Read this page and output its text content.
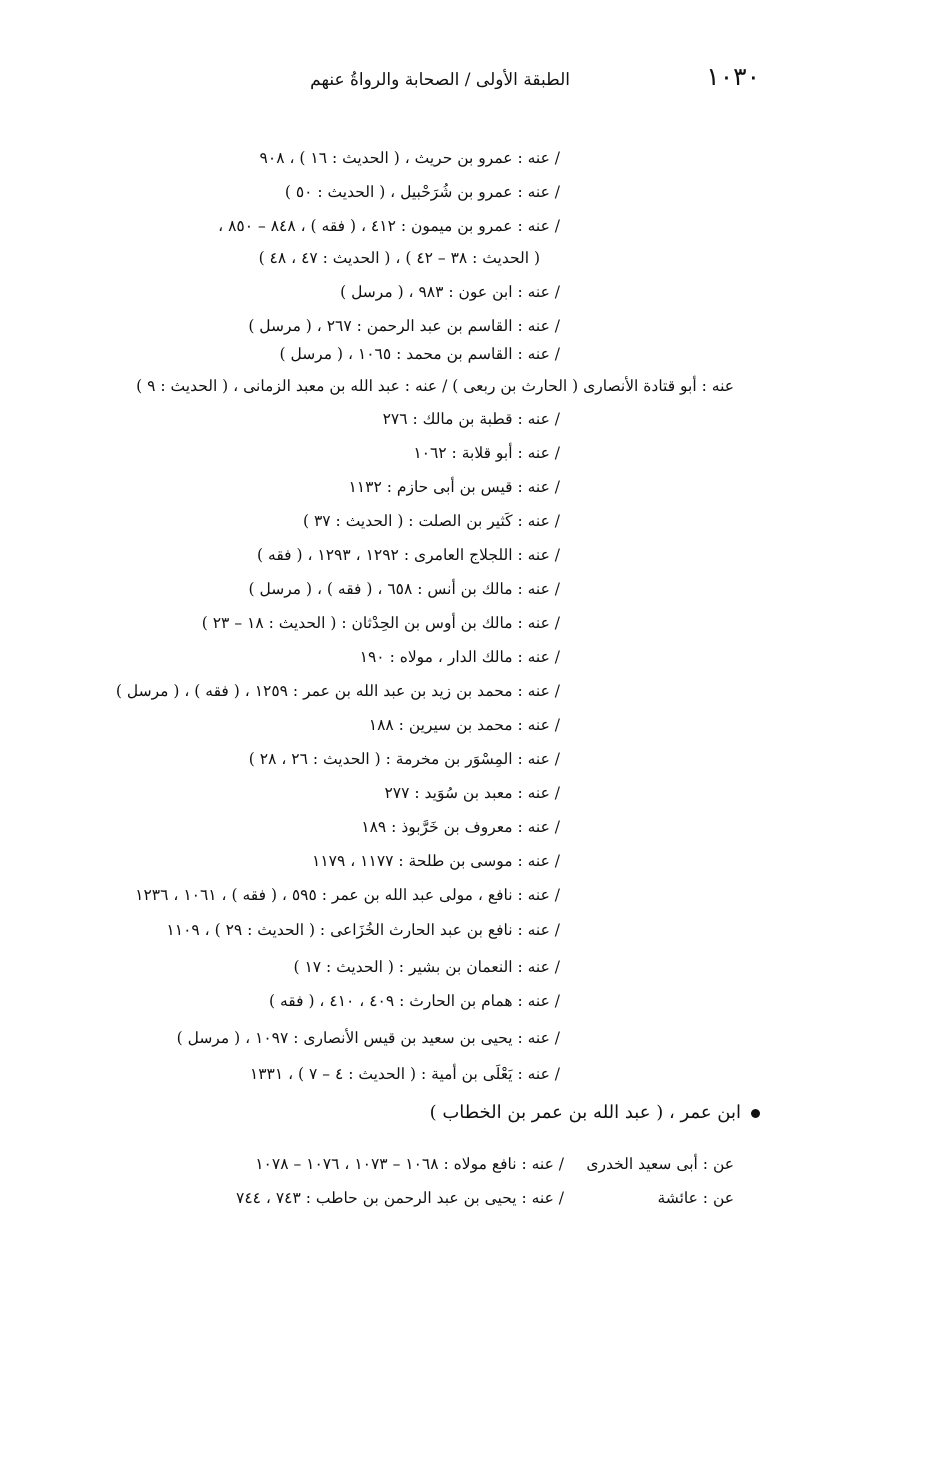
١٠٣٠
الطبقة الأولى / الصحابة والرواةُ عنهم
/ عنه : عمرو بن حريث ، ( الحديث : ١٦ ) ، ٩٠٨
/ عنه : عمرو بن شُرَحْبيل ، ( الحديث : ٥٠ )
/ عنه : عمرو بن ميمون : ٤١٢ ، ( فقه ) ، ٨٤٨ – ٨٥٠ ،
( الحديث : ٣٨ – ٤٢ ) ، ( الحديث : ٤٧ ، ٤٨ )
/ عنه : ابن عون : ٩٨٣ ، ( مرسل )
/ عنه : القاسم بن عبد الرحمن : ٢٦٧ ، ( مرسل )
/ عنه : القاسم بن محمد : ١٠٦٥ ، ( مرسل )
عنه : أبو قتادة الأنصارى ( الحارث بن ربعى ) / عنه : عبد الله بن معبد الزمانى ، ( الحديث : ٩ )
/ عنه : قطبة بن مالك : ٢٧٦
/ عنه : أبو قلابة : ١٠٦٢
/ عنه : قيس بن أبى حازم : ١١٣٢
/ عنه : كَثير بن الصلت : ( الحديث : ٣٧ )
/ عنه : اللجلاج العامرى : ١٢٩٢ ، ١٢٩٣ ، ( فقه )
/ عنه : مالك بن أنس : ٦٥٨ ، ( فقه ) ، ( مرسل )
/ عنه : مالك بن أوس بن الحِدْثان : ( الحديث : ١٨ – ٢٣ )
/ عنه : مالك الدار ، مولاه : ١٩٠
/ عنه : محمد بن زيد بن عبد الله بن عمر : ١٢٥٩ ، ( فقه ) ، ( مرسل )
/ عنه : محمد بن سيرين : ١٨٨
/ عنه : المِسْوَر بن مخرمة : ( الحديث : ٢٦ ، ٢٨ )
/ عنه : معبد بن سُوَيد : ٢٧٧
/ عنه : معروف بن خَرَّبوذ : ١٨٩
/ عنه : موسى بن طلحة : ١١٧٧ ، ١١٧٩
/ عنه : نافع ، مولى عبد الله بن عمر : ٥٩٥ ، ( فقه ) ، ١٠٦١ ، ١٢٣٦
/ عنه : نافع بن عبد الحارث الخُزَاعى : ( الحديث : ٢٩ ) ، ١١٠٩
/ عنه : النعمان بن بشير : ( الحديث : ١٧ )
/ عنه : همام بن الحارث : ٤٠٩ ، ٤١٠ ، ( فقه )
/ عنه : يحيى بن سعيد بن قيس الأنصارى : ١٠٩٧ ، ( مرسل )
/ عنه : يَعْلَى بن أمية : ( الحديث : ٤ – ٧ ) ، ١٣٣١
ابن عمر ، ( عبد الله بن عمر بن الخطاب )
عن : أبى سعيد الخدرى
/ عنه : نافع مولاه : ١٠٦٨ – ١٠٧٣ ، ١٠٧٦ – ١٠٧٨
عن : عائشة
/ عنه : يحيى بن عبد الرحمن بن حاطب : ٧٤٣ ، ٧٤٤
